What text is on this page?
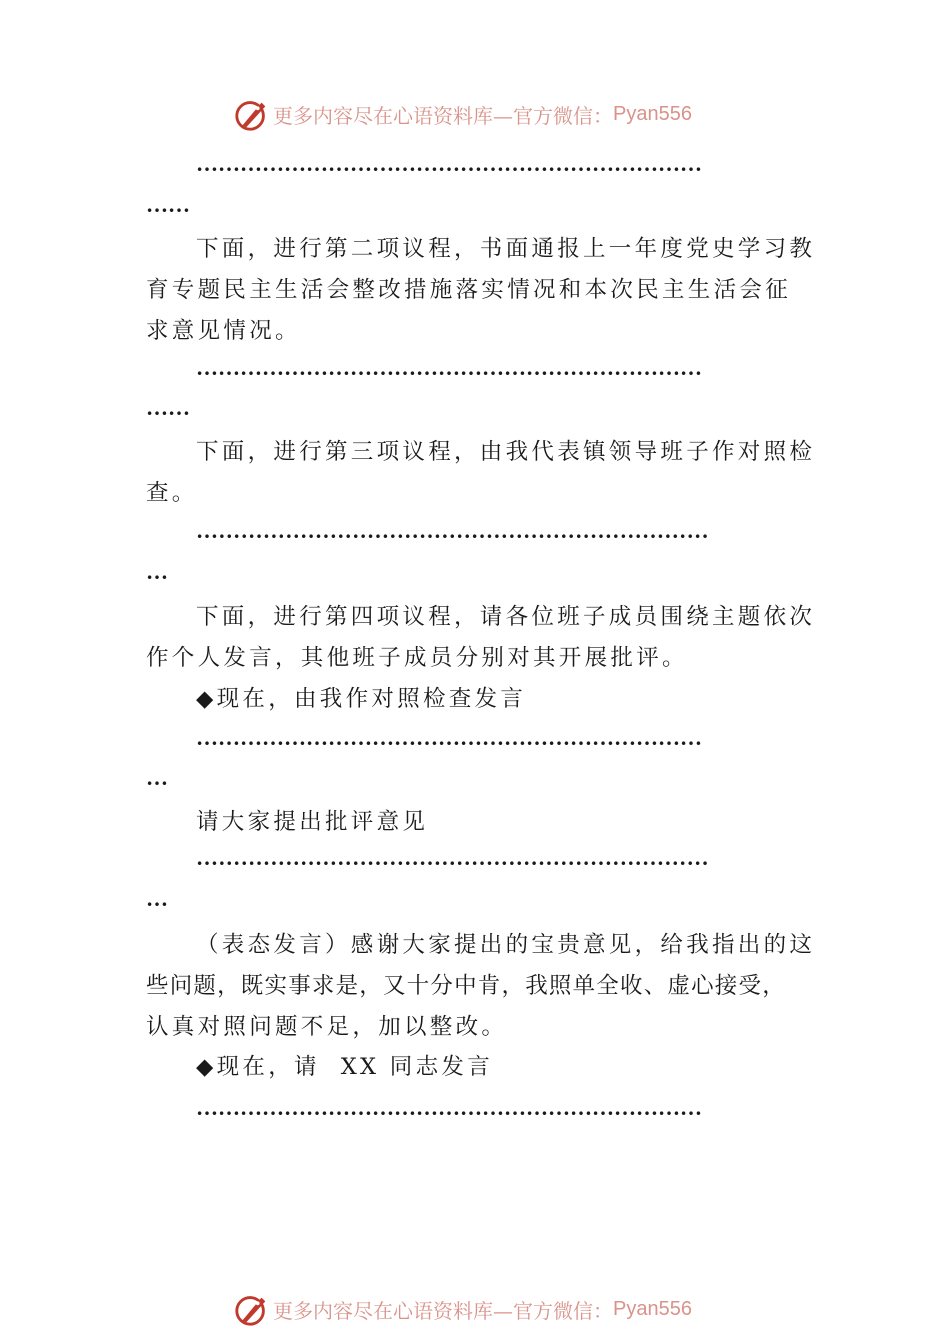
更多内容尽在心语资料库—官方微信： Pyan556
……………………………………………………………
……
下面，进行第二项议程，书面通报上一年度党史学习教
育专题民主生活会整改措施落实情况和本次民主生活会征
求意见情况。
……………………………………………………………
……
下面，进行第三项议程，由我代表镇领导班子作对照检
查。
……………………………………………………………
…
下面，进行第四项议程，请各位班子成员围绕主题依次
作个人发言，其他班子成员分别对其开展批评。
◆现在，由我作对照检查发言
……………………………………………………………
…
请大家提出批评意见
……………………………………………………………
…
（表态发言）感谢大家提出的宝贵意见，给我指出的这
些问题，既实事求是，又十分中肯，我照单全收、虚心接受，
认真对照问题不足，加以整改。
◆现在，请  XX 同志发言
……………………………………………………………
更多内容尽在心语资料库—官方微信： Pyan556
